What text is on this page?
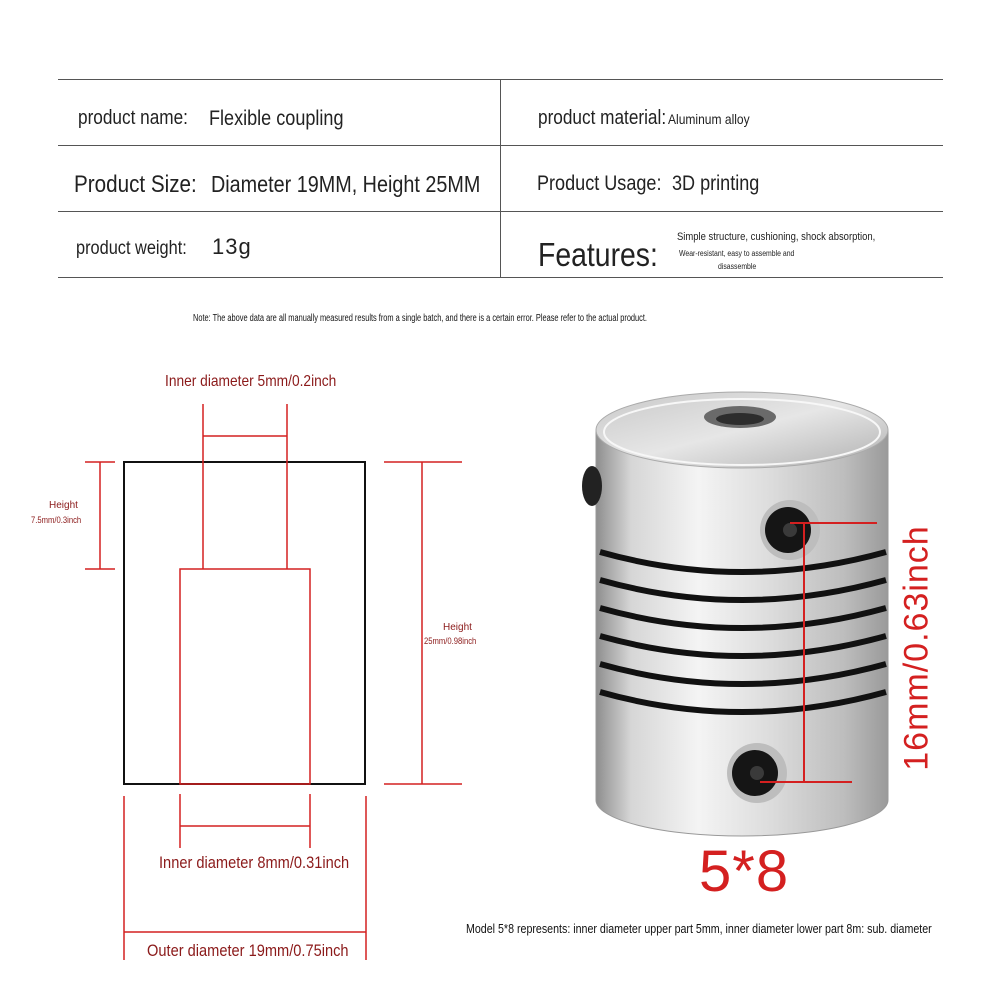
product name: Flexible coupling	product material: Aluminum alloy
Product Size: Diameter 19MM, Height 25MM	Product Usage: 3D printing
product weight: 13g	Features: Simple structure, cushioning, shock absorption,
Wear-resistant, easy to assemble and
disassemble
Note: The above data are all manually measured results from a single batch, and there is a certain error. Please refer to the actual product.
Inner diameter 5mm/0.2inch
Height
7.5mm/0.3inch
Height
25mm/0.98inch
Inner diameter 8mm/0.31inch
Outer diameter 19mm/0.75inch
16mm/0.63inch
5*8
Model 5*8 represents: inner diameter upper part 5mm, inner diameter lower part 8m: sub. diameter
